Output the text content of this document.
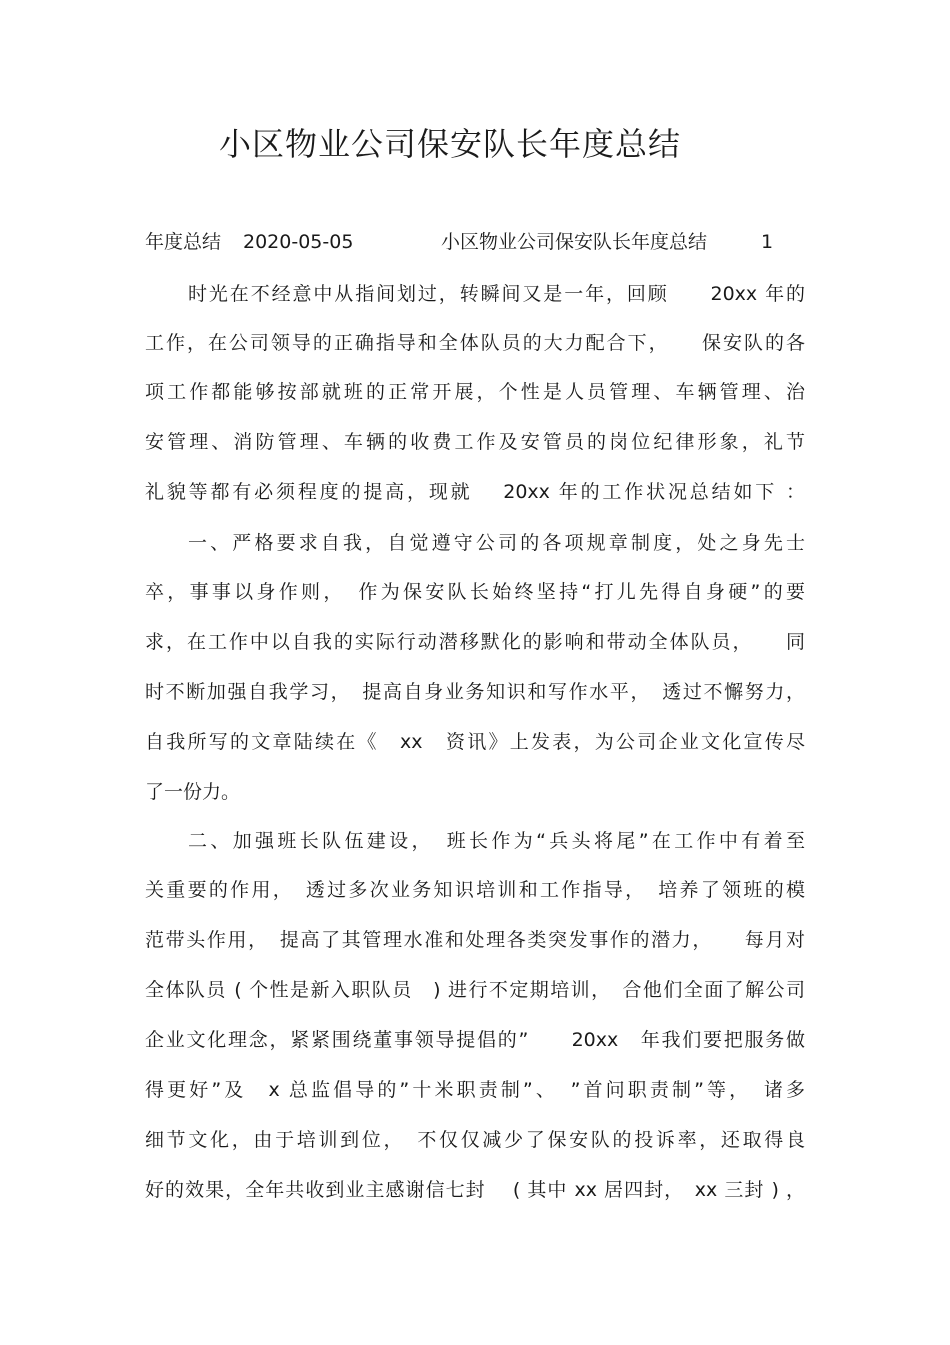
小区物业公司保安队长年度总结
年度总结 2020-05-05	小区物业公司保安队长年度总结	1
时光在不经意中从指间划过，转瞬间又是一年，回顾　　20xx 年的
工作，在公司领导的正确指导和全体队员的大力配合下，　　保安队的各
项工作都能够按部就班的正常开展，个性是人员管理、车辆管理、治
安管理、消防管理、车辆的收费工作及安管员的岗位纪律形象，礼节
礼貌等都有必须程度的提高，现就　 20xx 年的工作状况总结如下 ：
一、严格要求自我，自觉遵守公司的各项规章制度，处之身先士
卒，事事以身作则，　作为保安队长始终坚持“打儿先得自身硬”的要
求，在工作中以自我的实际行动潜移默化的影响和带动全体队员，　　同
时不断加强自我学习，　提高自身业务知识和写作水平，　透过不懈努力，
自我所写的文章陆续在《　xx　资讯》上发表，为公司企业文化宣传尽
了一份力。
二、加强班长队伍建设，　班长作为“兵头将尾”在工作中有着至
关重要的作用，　透过多次业务知识培训和工作指导，　培养了领班的模
范带头作用，　提高了其管理水准和处理各类突发事作的潜力，　　每月对
全体队员 ( 个性是新入职队员　) 进行不定期培训，　合他们全面了解公司
企业文化理念，紧紧围绕董事领导提倡的”　　20xx　年我们要把服务做
得更好”及　x 总监倡导的”十米职责制”、　”首问职责制”等，　诸多
细节文化，由于培训到位，　不仅仅减少了保安队的投诉率，还取得良
好的效果，全年共收到业主感谢信七封　 ( 其中 xx 居四封，　xx 三封 ) ，
